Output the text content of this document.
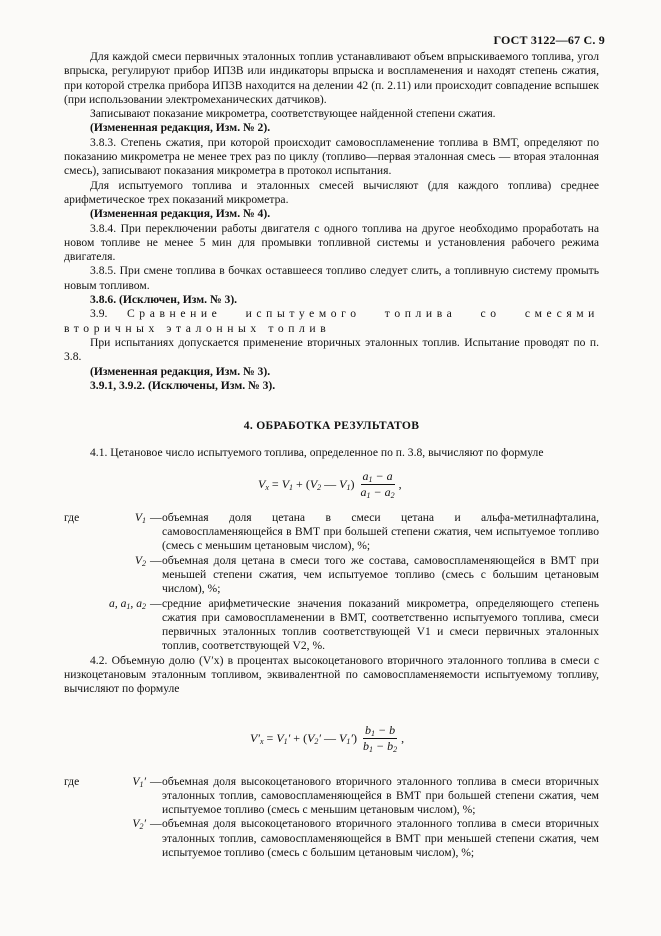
ГОСТ 3122—67 С. 9

Для каждой смеси первичных эталонных топлив устанавливают объем впрыскиваемого топлива, угол впрыска, регулируют прибор ИП3В или индикаторы впрыска и воспламенения и находят степень сжатия, при которой стрелка прибора ИП3В находится на делении 42 (п. 2.11) или происходит совпадение вспышек (при использовании электромеханических датчиков).

Записывают показание микрометра, соответствующее найденной степени сжатия.

(Измененная редакция, Изм. № 2).

3.8.3. Степень сжатия, при которой происходит самовоспламенение топлива в ВМТ, определяют по показанию микрометра не менее трех раз по циклу (топливо—первая эталонная смесь — вторая эталонная смесь), записывают показания микрометра в протокол испытания.

Для испытуемого топлива и эталонных смесей вычисляют (для каждого топлива) среднее арифметическое трех показаний микрометра.

(Измененная редакция, Изм. № 4).

3.8.4. При переключении работы двигателя с одного топлива на другое необходимо проработать на новом топливе не менее 5 мин для промывки топливной системы и установления рабочего режима двигателя.

3.8.5. При смене топлива в бочках оставшееся топливо следует слить, а топливную систему промыть новым топливом.

3.8.6. (Исключен, Изм. № 3).

3.9. Сравнение испытуемого топлива со смесями вторичных эталонных топлив

При испытаниях допускается применение вторичных эталонных топлив. Испытание проводят по п. 3.8.

(Измененная редакция, Изм. № 3).

3.9.1, 3.9.2. (Исключены, Изм. № 3).

4. ОБРАБОТКА РЕЗУЛЬТАТОВ

4.1. Цетановое число испытуемого топлива, определенное по п. 3.8, вычисляют по формуле

$V_x$
=
$V_1$
+
( $V_2$
—
$V_1$ ) $\frac{a_1 - a}{a_1 - a_2}$ ,
где	$V_1$	—	объемная доля цетана в смеси цетана и альфа-метилнафталина, самовоспламеняющейся в ВМТ при большей степени сжатия, чем испытуемое топливо (смесь с меньшим цетановым числом), %;
	$V_2$	—	объемная доля цетана в смеси того же состава, самовоспламеняющейся в ВМТ при меньшей степени сжатия, чем испытуемое топливо (смесь с большим цетановым числом), %;
	a, $a_1$, $a_2$	—	средние арифметические значения показаний микрометра, определяющего степень сжатия при самовоспламенении в ВМТ, соответственно испытуемого топлива, смеси первичных эталонных топлив соответствующей V1 и смеси первичных эталонных топлив, соответствующей V2, %.

4.2. Объемную долю (V′x) в процентах высокоцетанового вторичного эталонного топлива в смеси с низкоцетановым эталонным топливом, эквивалентной по самовоспламеняемости испытуемому топливу, вычисляют по формуле

$V'_x$
=
$V_1'$
+
( $V_2'$
—
$V_1'$ ) $\frac{b_1 - b}{b_1 - b_2}$ ,
где	$V_1'$	—	объемная доля высокоцетанового вторичного эталонного топлива в смеси вторичных эталонных топлив, самовоспламеняющейся в ВМТ при большей степени сжатия, чем испытуемое топливо (смесь с меньшим цетановым числом), %;
	$V_2'$	—	объемная доля высокоцетанового вторичного эталонного топлива в смеси вторичных эталонных топлив, самовоспламеняющейся в ВМТ при меньшей степени сжатия, чем испытуемое топливо (смесь с большим цетановым числом), %;
